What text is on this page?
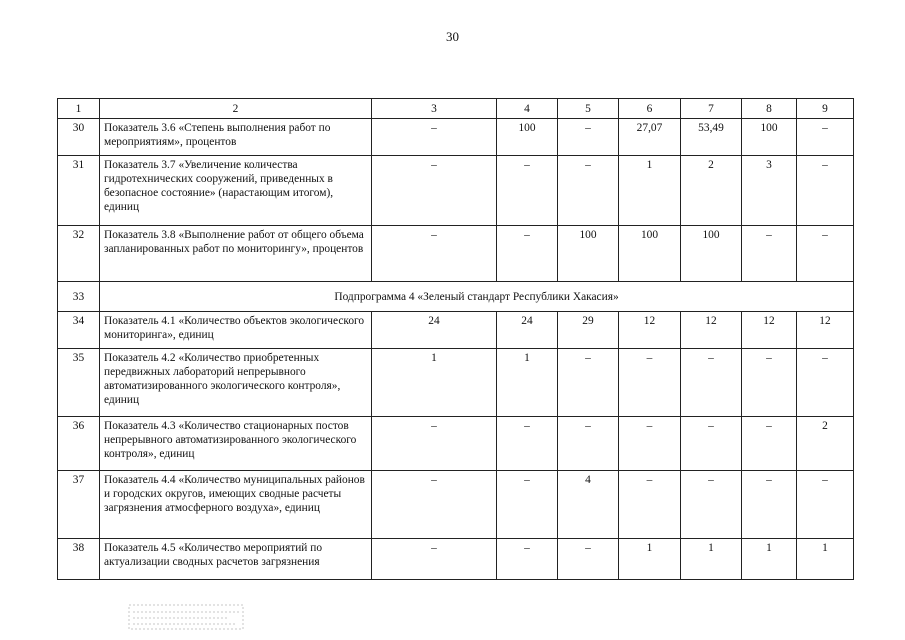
30
1	2	3	4	5	6	7	8	9
30	Показатель 3.6 «Степень выполнения работ по мероприятиям», процентов	–	100	–	27,07	53,49	100	–
31	Показатель 3.7 «Увеличение количества гидротехнических сооружений, приведенных в безопасное состояние» (нарастающим итогом), единиц	–	–	–	1	2	3	–
32	Показатель 3.8 «Выполнение работ от общего объема запланированных работ по мониторингу», процентов	–	–	100	100	100	–	–
33	Подпрограмма 4 «Зеленый стандарт Республики Хакасия»							
34	Показатель 4.1 «Количество объектов экологического мониторинга», единиц	24	24	29	12	12	12	12
35	Показатель 4.2 «Количество приобретенных передвижных лабораторий непрерывного автоматизированного экологического контроля», единиц	1	1	–	–	–	–	–
36	Показатель 4.3 «Количество стационарных постов непрерывного автоматизированного экологического контроля», единиц	–	–	–	–	–	–	2
37	Показатель 4.4 «Количество муниципальных районов и городских округов, имеющих сводные расчеты загрязнения атмосферного воздуха», единиц	–	–	4	–	–	–	–
38	Показатель 4.5 «Количество мероприятий по актуализации сводных расчетов загрязнения	–	–	–	1	1	1	1
